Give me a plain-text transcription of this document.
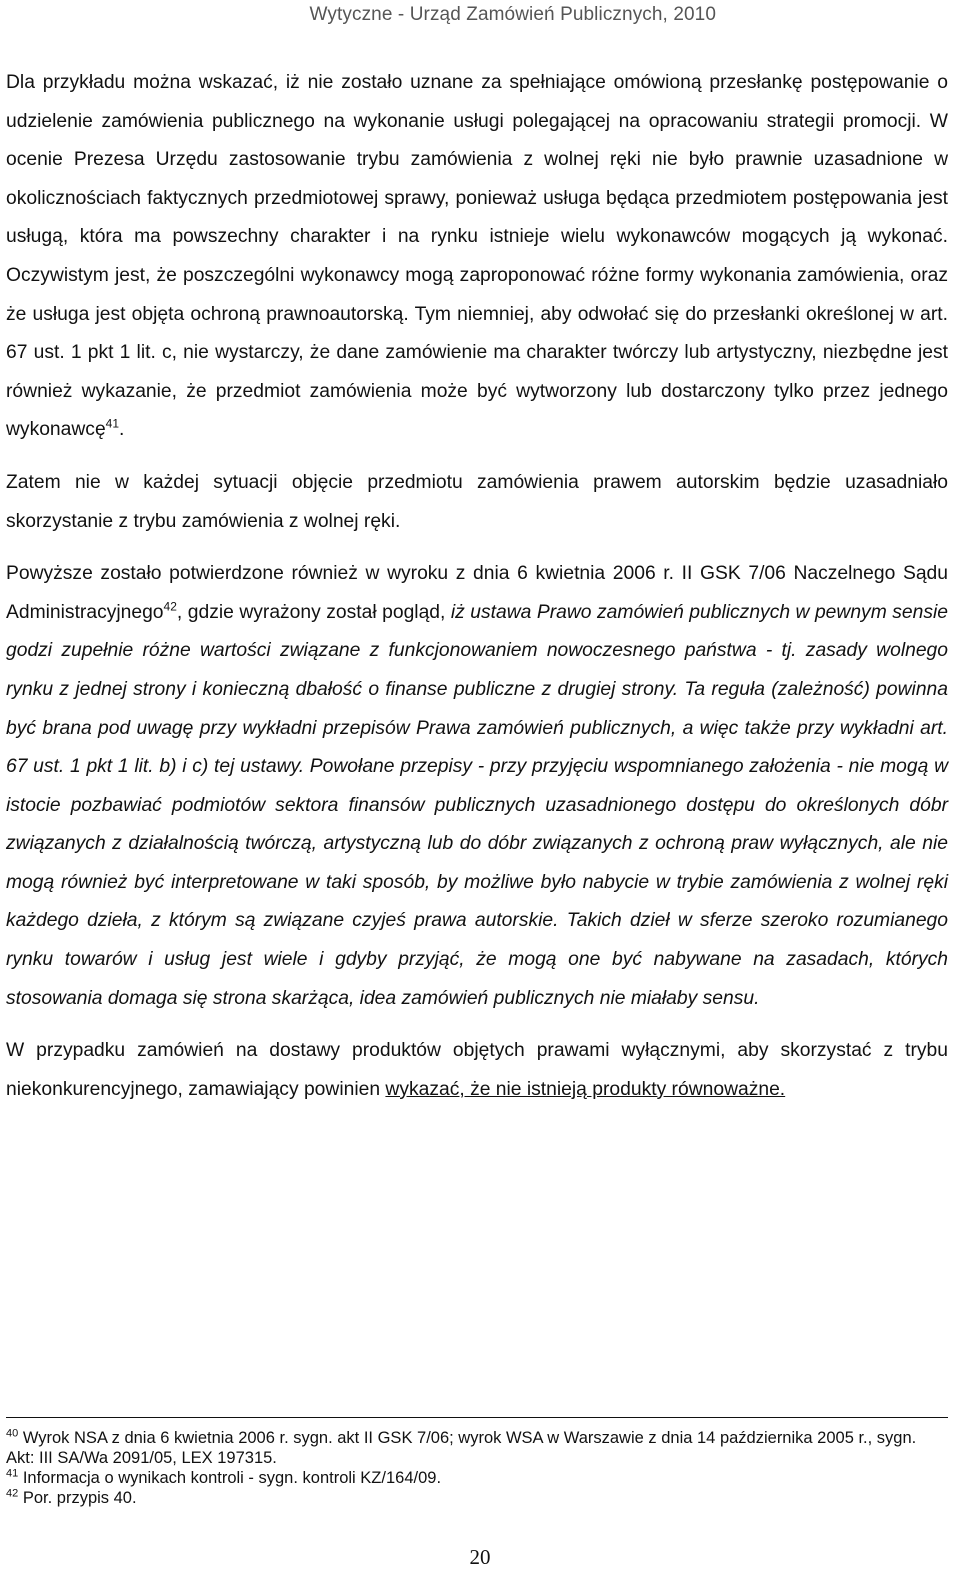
Wytyczne - Urząd Zamówień Publicznych, 2010

Dla przykładu można wskazać, iż nie zostało uznane za spełniające omówioną przesłankę postępowanie o udzielenie zamówienia publicznego na wykonanie usługi polegającej na opracowaniu strategii promocji. W ocenie Prezesa Urzędu zastosowanie trybu zamówienia z wolnej ręki nie było prawnie uzasadnione w okolicznościach faktycznych przedmiotowej sprawy, ponieważ usługa będąca przedmiotem postępowania jest usługą, która ma powszechny charakter i na rynku istnieje wielu wykonawców mogących ją wykonać. Oczywistym jest, że poszczególni wykonawcy mogą zaproponować różne formy wykonania zamówienia, oraz że usługa jest objęta ochroną prawnoautorską. Tym niemniej, aby odwołać się do przesłanki określonej w art. 67 ust. 1 pkt 1 lit. c, nie wystarczy, że dane zamówienie ma charakter twórczy lub artystyczny, niezbędne jest również wykazanie, że przedmiot zamówienia może być wytworzony lub dostarczony tylko przez jednego wykonawcę$^{41}$.

Zatem nie w każdej sytuacji objęcie przedmiotu zamówienia prawem autorskim będzie uzasadniało skorzystanie z trybu zamówienia z wolnej ręki.

Powyższe zostało potwierdzone również w wyroku z dnia 6 kwietnia 2006 r. II GSK 7/06 Naczelnego Sądu Administracyjnego$^{42}$, gdzie wyrażony został pogląd, iż ustawa Prawo zamówień publicznych w pewnym sensie godzi zupełnie różne wartości związane z funkcjonowaniem nowoczesnego państwa - tj. zasady wolnego rynku z jednej strony i konieczną dbałość o finanse publiczne z drugiej strony. Ta reguła (zależność) powinna być brana pod uwagę przy wykładni przepisów Prawa zamówień publicznych, a więc także przy wykładni art. 67 ust. 1 pkt 1 lit. b) i c) tej ustawy. Powołane przepisy - przy przyjęciu wspomnianego założenia - nie mogą w istocie pozbawiać podmiotów sektora finansów publicznych uzasadnionego dostępu do określonych dóbr związanych z działalnością twórczą, artystyczną lub do dóbr związanych z ochroną praw wyłącznych, ale nie mogą również być interpretowane w taki sposób, by możliwe było nabycie w trybie zamówienia z wolnej ręki każdego dzieła, z którym są związane czyjeś prawa autorskie. Takich dzieł w sferze szeroko rozumianego rynku towarów i usług jest wiele i gdyby przyjąć, że mogą one być nabywane na zasadach, których stosowania domaga się strona skarżąca, idea zamówień publicznych nie miałaby sensu.

W przypadku zamówień na dostawy produktów objętych prawami wyłącznymi, aby skorzystać z trybu niekonkurencyjnego, zamawiający powinien wykazać, że nie istnieją produkty równoważne.

$^{40}$ Wyrok NSA z dnia 6 kwietnia 2006 r. sygn. akt II GSK 7/06; wyrok WSA w Warszawie z dnia 14 października 2005 r., sygn. Akt: III SA/Wa 2091/05, LEX 197315.

$^{41}$ Informacja o wynikach kontroli - sygn. kontroli KZ/164/09.

$^{42}$ Por. przypis 40.

20
